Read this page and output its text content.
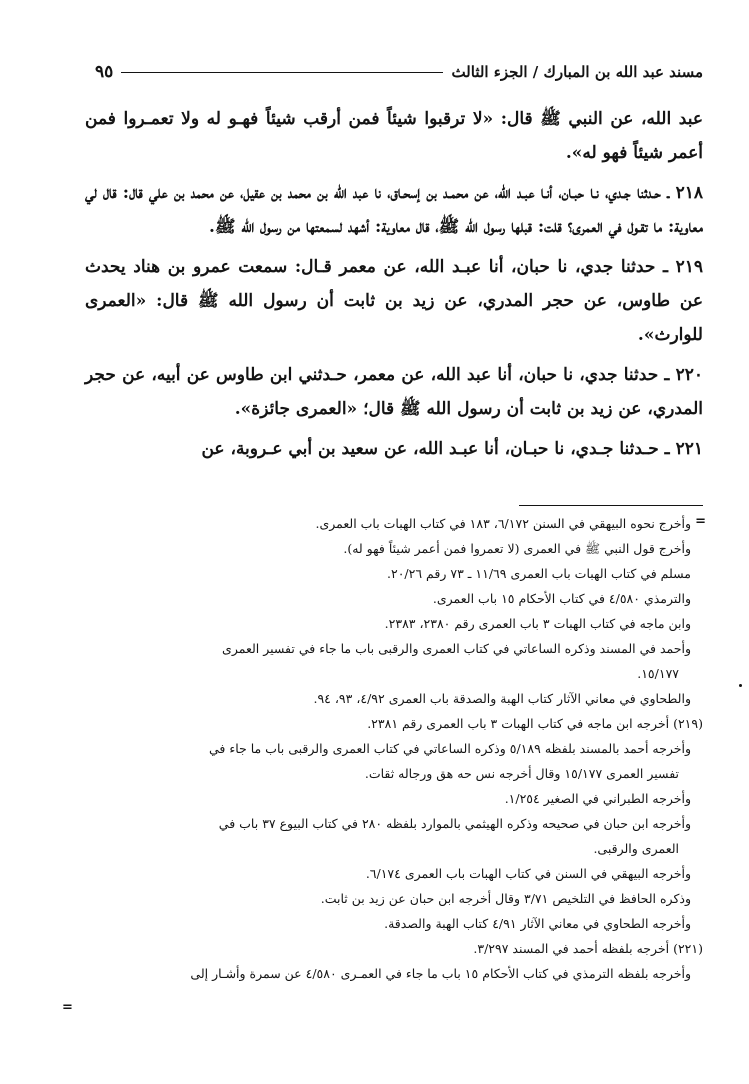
مسند عبد الله بن المبارك / الجزء الثالث
٩٥

عبد الله، عن النبي ﷺ قال: «لا ترقبوا شيئاً فمن أرقب شيئاً فهـو له ولا تعمـروا فمن أعمر شيئاً فهو له».

٢١٨ ـ حـدثنا جـدي، نـا حبـان، أنـا عبـد الله، عن محمـد بن إسحـاق، نا عبد الله بن محمد بن عقيل، عن محمد بن علي قال: قال لي معاوية: ما تقـول في العمرى؟ قلت: قبلها رسول الله ﷺ، قال معاوية: أشهد لسمعتها من رسول الله ﷺ.

٢١٩ ـ حدثنا جدي، نا حبان، أنا عبـد الله، عن معمر قـال: سمعت عمرو بن هناد يحدث عن طاوس، عن حجر المدري، عن زيد بن ثابت أن رسول الله ﷺ قال: «العمرى للوارث».

٢٢٠ ـ حدثنا جدي، نا حبان، أنا عبد الله، عن معمر، حـدثني ابن طاوس عن أبيه، عن حجر المدري، عن زيد بن ثابت أن رسول الله ﷺ قال؛ «العمرى جائزة».

٢٢١ ـ حـدثنا جـدي، نا حبـان، أنا عبـد الله، عن سعيد بن أبي عـروبة، عن

=

وأخرج نحوه البيهقي في السنن ٦/١٧٢، ١٨٣ في كتاب الهبات باب العمرى.

وأخرج قول النبي ﷺ في العمرى (لا تعمروا فمن أعمر شيئاً فهو له).

مسلم في كتاب الهبات باب العمرى ١١/٦٩ ـ ٧٣ رقم ٢٠/٢٦.

والترمذي ٤/٥٨٠ في كتاب الأحكام ١٥ باب العمرى.

وابن ماجه في كتاب الهبات ٣ باب العمرى رقم ٢٣٨٠، ٢٣٨٣.

وأحمد في المسند وذكره الساعاتي في كتاب العمرى والرقبى باب ما جاء في تفسير العمرى

١٥/١٧٧.

والطحاوي في معاني الآثار كتاب الهبة والصدقة باب العمرى ٤/٩٢، ٩٣، ٩٤.

(٢١٩) أخرجه ابن ماجه في كتاب الهبات ٣ باب العمرى رقم ٢٣٨١.

وأخرجه أحمد بالمسند بلفظه ٥/١٨٩ وذكره الساعاتي في كتاب العمرى والرقبى باب ما جاء في

تفسير العمرى ١٥/١٧٧ وقال أخرجه نس حه هق ورجاله ثقات.

وأخرجه الطبراني في الصغير ١/٢٥٤.

وأخرجه ابن حبان في صحيحه وذكره الهيثمي بالموارد بلفظه ٢٨٠ في كتاب البيوع ٣٧ باب في

العمرى والرقبى.

وأخرجه البيهقي في السنن في كتاب الهبات باب العمرى ٦/١٧٤.

وذكره الحافظ في التلخيص ٣/٧١ وقال أخرجه ابن حبان عن زيد بن ثابت.

وأخرجه الطحاوي في معاني الآثار ٤/٩١ كتاب الهبة والصدقة.

(٢٢١) أخرجه بلفظه أحمد في المسند ٣/٢٩٧.

وأخرجه بلفظه الترمذي في كتاب الأحكام ١٥ باب ما جاء في العمـرى ٤/٥٨٠ عن سمرة وأشـار إلى

=
